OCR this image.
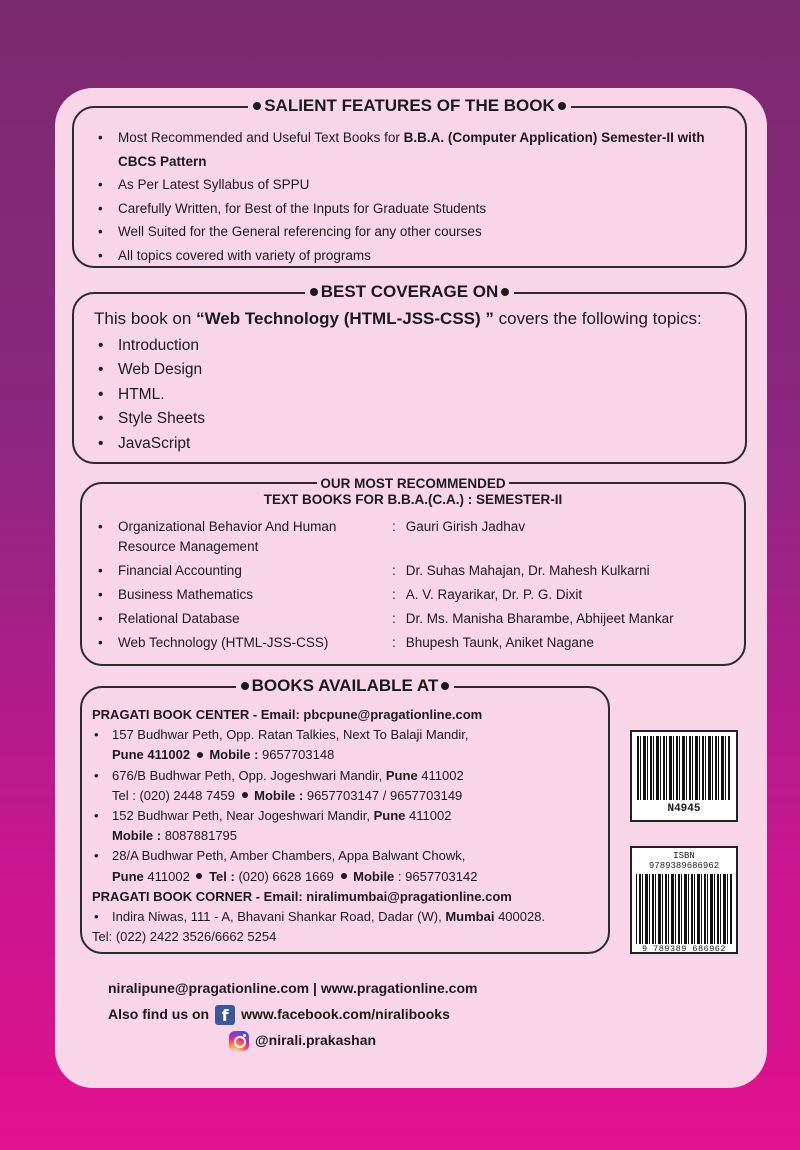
SALIENT FEATURES OF THE BOOK
• Most Recommended and Useful Text Books for B.B.A. (Computer Application) Semester-II with CBCS Pattern
• As Per Latest Syllabus of SPPU
• Carefully Written, for Best of the Inputs for Graduate Students
• Well Suited for the General referencing for any other courses
• All topics covered with variety of programs
BEST COVERAGE ON
This book on “Web Technology (HTML-JSS-CSS) ” covers the following topics:
• Introduction
• Web Design
• HTML.
• Style Sheets
• JavaScript
OUR MOST RECOMMENDED
TEXT BOOKS FOR B.B.A.(C.A.) : SEMESTER-II
• Organizational Behavior And Human Resource Management
: Gauri Girish Jadhav
• Financial Accounting	: Dr. Suhas Mahajan, Dr. Mahesh Kulkarni
• Business Mathematics	: A. V. Rayarikar, Dr. P. G. Dixit
• Relational Database	: Dr. Ms. Manisha Bharambe, Abhijeet Mankar
• Web Technology (HTML-JSS-CSS)	: Bhupesh Taunk, Aniket Nagane
BOOKS AVAILABLE AT
PRAGATI BOOK CENTER - Email: pbcpune@pragationline.com
• 157 Budhwar Peth, Opp. Ratan Talkies, Next To Balaji Mandir,
Pune 411002 Mobile : 9657703148
• 676/B Budhwar Peth, Opp. Jogeshwari Mandir, Pune 411002
Tel : (020) 2448 7459 Mobile : 9657703147 / 9657703149
• 152 Budhwar Peth, Near Jogeshwari Mandir, Pune 411002
Mobile : 8087881795
• 28/A Budhwar Peth, Amber Chambers, Appa Balwant Chowk,
Pune 411002 Tel : (020) 6628 1669 Mobile : 9657703142
PRAGATI BOOK CORNER - Email: niralimumbai@pragationline.com
• Indira Niwas, 111 - A, Bhavani Shankar Road, Dadar (W), Mumbai 400028.
Tel: (022) 2422 3526/6662 5254
N4945
ISBN 9789389686962
9 789389 686962
niralipune@pragationline.com | www.pragationline.com
Also find us on f www.facebook.com/niralibooks
@nirali.prakashan
